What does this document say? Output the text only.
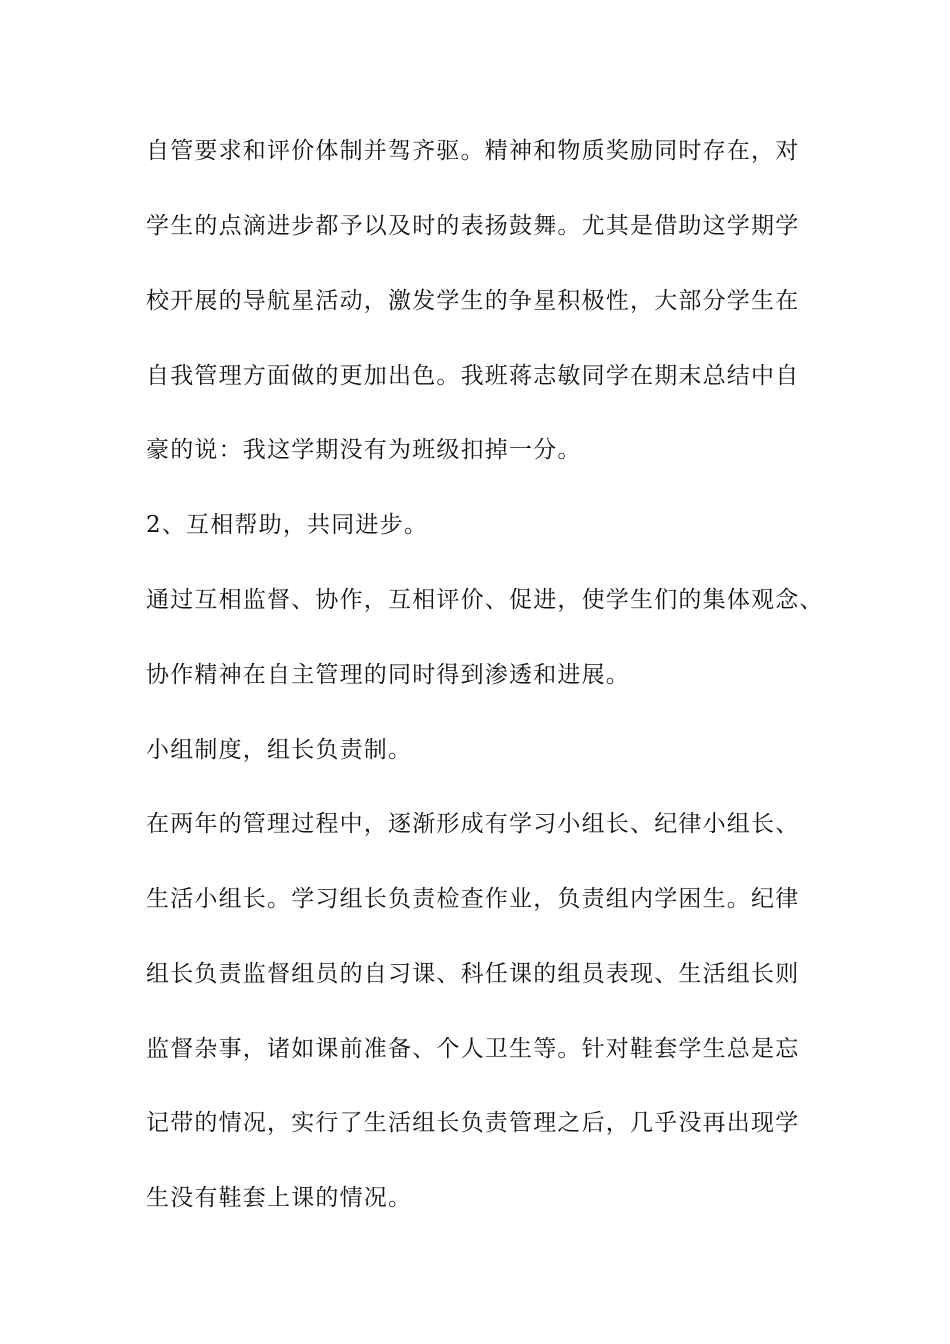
自管要求和评价体制并驾齐驱。精神和物质奖励同时存在，对

学生的点滴进步都予以及时的表扬鼓舞。尤其是借助这学期学

校开展的导航星活动，激发学生的争星积极性，大部分学生在

自我管理方面做的更加出色。我班蒋志敏同学在期末总结中自

豪的说：我这学期没有为班级扣掉一分。

2、互相帮助，共同进步。

通过互相监督、协作，互相评价、促进，使学生们的集体观念、

协作精神在自主管理的同时得到渗透和进展。

小组制度，组长负责制。

在两年的管理过程中，逐渐形成有学习小组长、纪律小组长、

生活小组长。学习组长负责检查作业，负责组内学困生。纪律

组长负责监督组员的自习课、科任课的组员表现、生活组长则

监督杂事，诸如课前准备、个人卫生等。针对鞋套学生总是忘

记带的情况，实行了生活组长负责管理之后，几乎没再出现学

生没有鞋套上课的情况。
